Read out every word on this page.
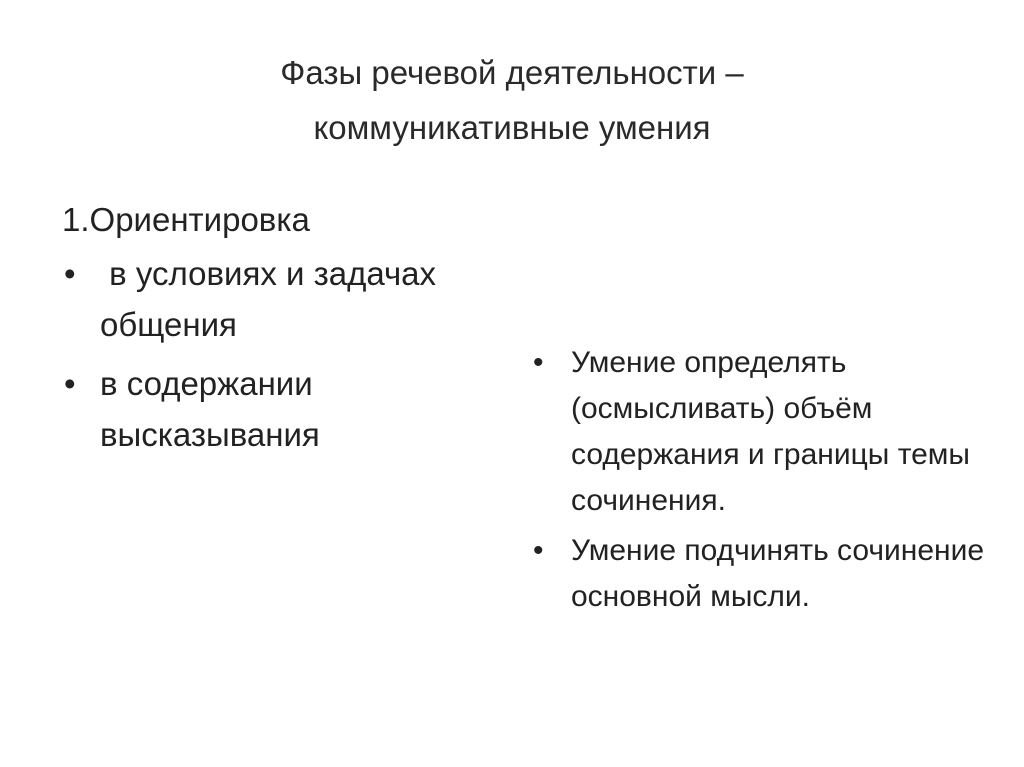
Фазы речевой деятельности –
коммуникативные умения
1.Ориентировка
• в условиях и задачах общения
• в содержании высказывания
• Умение определять (осмысливать) объём содержания и границы темы сочинения.
• Умение подчинять сочинение основной мысли.
